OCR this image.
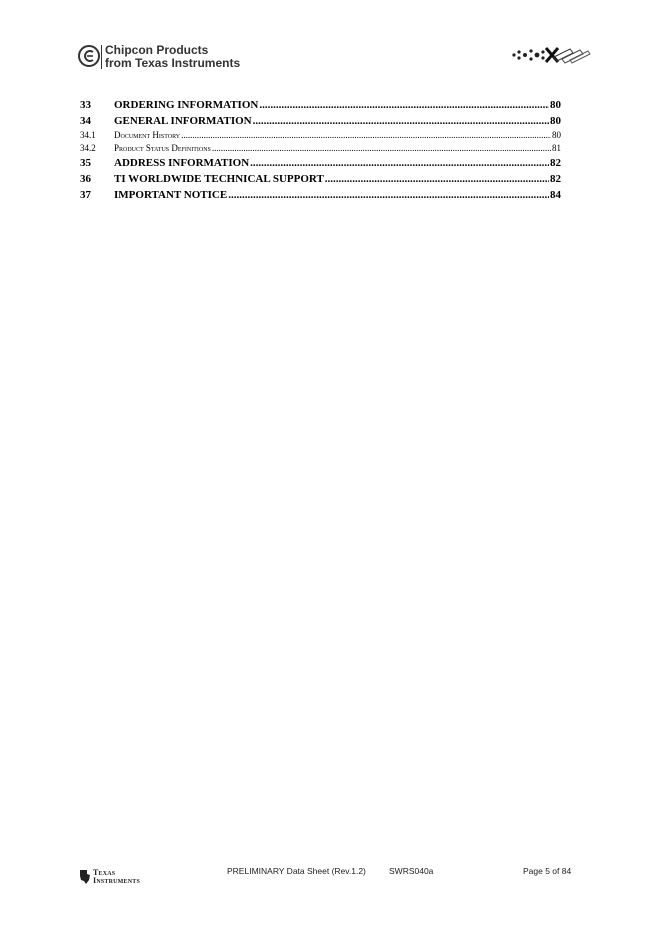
Chipcon Products
from Texas Instruments
33	ORDERING INFORMATION .....	80
34	GENERAL INFORMATION .....	80
34.1	Document History .....	80
34.2	Product Status Definitions .....	81
35	ADDRESS INFORMATION .....	82
36	TI WORLDWIDE TECHNICAL SUPPORT .....	82
37	IMPORTANT NOTICE .....	84
Texas
Instruments
PRELIMINARY Data Sheet (Rev.1.2)	SWRS040a	Page 5 of 84
